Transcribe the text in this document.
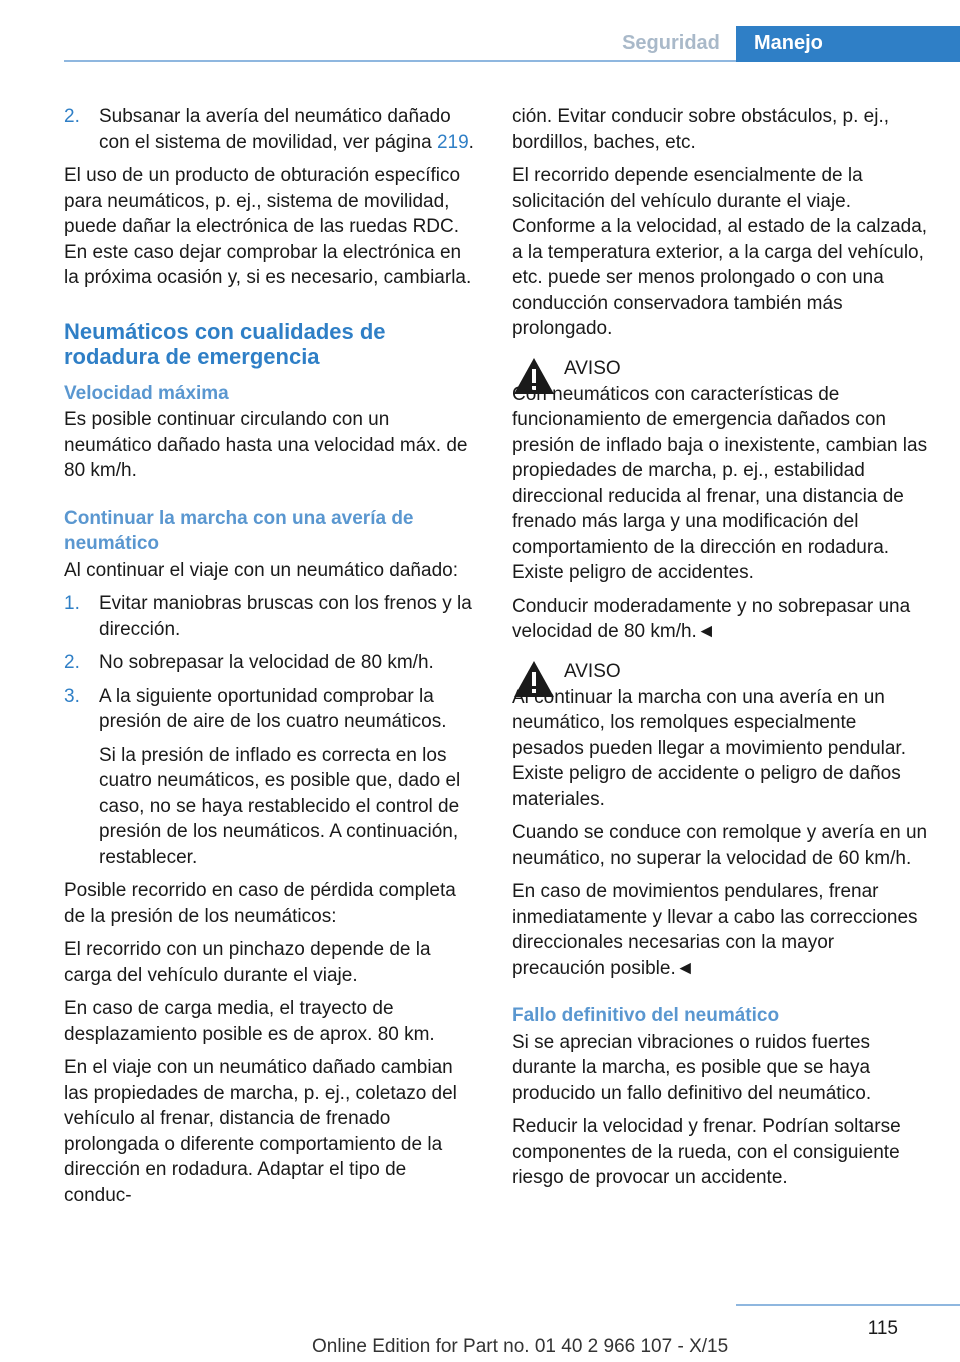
Seguridad	Manejo
2.	Subsanar la avería del neumático dañado con el sistema de movilidad, ver página 219.

El uso de un producto de obturación específico para neumáticos, p. ej., sistema de movilidad, puede dañar la electrónica de las ruedas RDC. En este caso dejar comprobar la electrónica en la próxima ocasión y, si es necesario, cambiarla.

Neumáticos con cualidades de rodadura de emergencia
Velocidad máxima

Es posible continuar circulando con un neumático dañado hasta una velocidad máx. de 80 km/h.

Continuar la marcha con una avería de neumático

Al continuar el viaje con un neumático dañado:

1.	Evitar maniobras bruscas con los frenos y la dirección.
2.	No sobrepasar la velocidad de 80 km/h.
3.	A la siguiente oportunidad comprobar la presión de aire de los cuatro neumáticos.

Si la presión de inflado es correcta en los cuatro neumáticos, es posible que, dado el caso, no se haya restablecido el control de presión de los neumáticos. A continuación, restablecer.

Posible recorrido en caso de pérdida completa de la presión de los neumáticos:

El recorrido con un pinchazo depende de la carga del vehículo durante el viaje.

En caso de carga media, el trayecto de desplazamiento posible es de aprox. 80 km.

En el viaje con un neumático dañado cambian las propiedades de marcha, p. ej., coletazo del vehículo al frenar, distancia de frenado prolongada o diferente comportamiento de la dirección en rodadura. Adaptar el tipo de conduc-

ción. Evitar conducir sobre obstáculos, p. ej., bordillos, baches, etc.

El recorrido depende esencialmente de la solicitación del vehículo durante el viaje. Conforme a la velocidad, al estado de la calzada, a la temperatura exterior, a la carga del vehículo, etc. puede ser menos prolongado o con una conducción conservadora también más prolongado.

AVISO

Con neumáticos con características de funcionamiento de emergencia dañados con presión de inflado baja o inexistente, cambian las propiedades de marcha, p. ej., estabilidad direccional reducida al frenar, una distancia de frenado más larga y una modificación del comportamiento de la dirección en rodadura. Existe peligro de accidentes.

Conducir moderadamente y no sobrepasar una velocidad de 80 km/h.◄

AVISO

Al continuar la marcha con una avería en un neumático, los remolques especialmente pesados pueden llegar a movimiento pendular. Existe peligro de accidente o peligro de daños materiales.

Cuando se conduce con remolque y avería en un neumático, no superar la velocidad de 60 km/h.

En caso de movimientos pendulares, frenar inmediatamente y llevar a cabo las correcciones direccionales necesarias con la mayor precaución posible.◄

Fallo definitivo del neumático

Si se aprecian vibraciones o ruidos fuertes durante la marcha, es posible que se haya producido un fallo definitivo del neumático.

Reducir la velocidad y frenar. Podrían soltarse componentes de la rueda, con el consiguiente riesgo de provocar un accidente.

115
Online Edition for Part no. 01 40 2 966 107 - X/15
